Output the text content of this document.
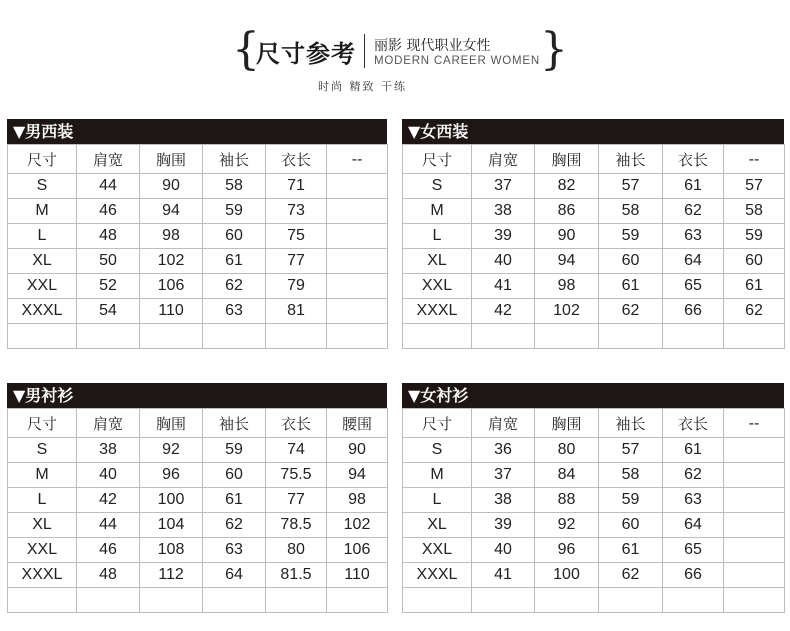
{
尺寸参考 丽影 现代职业女性
MODERN CAREER WOMEN }
时尚 精致 干练
▼男西装
尺寸	肩宽	胸围	袖长	衣长	--
S	44	90	58	71	
M	46	94	59	73	
L	48	98	60	75	
XL	50	102	61	77	
XXL	52	106	62	79	
XXXL	54	110	63	81	

▼女西装
尺寸	肩宽	胸围	袖长	衣长	--
S	37	82	57	61	57
M	38	86	58	62	58
L	39	90	59	63	59
XL	40	94	60	64	60
XXL	41	98	61	65	61
XXXL	42	102	62	66	62

▼男衬衫
尺寸	肩宽	胸围	袖长	衣长	腰围
S	38	92	59	74	90
M	40	96	60	75.5	94
L	42	100	61	77	98
XL	44	104	62	78.5	102
XXL	46	108	63	80	106
XXXL	48	112	64	81.5	110

▼女衬衫
尺寸	肩宽	胸围	袖长	衣长	--
S	36	80	57	61	
M	37	84	58	62	
L	38	88	59	63	
XL	39	92	60	64	
XXL	40	96	61	65	
XXXL	41	100	62	66	
